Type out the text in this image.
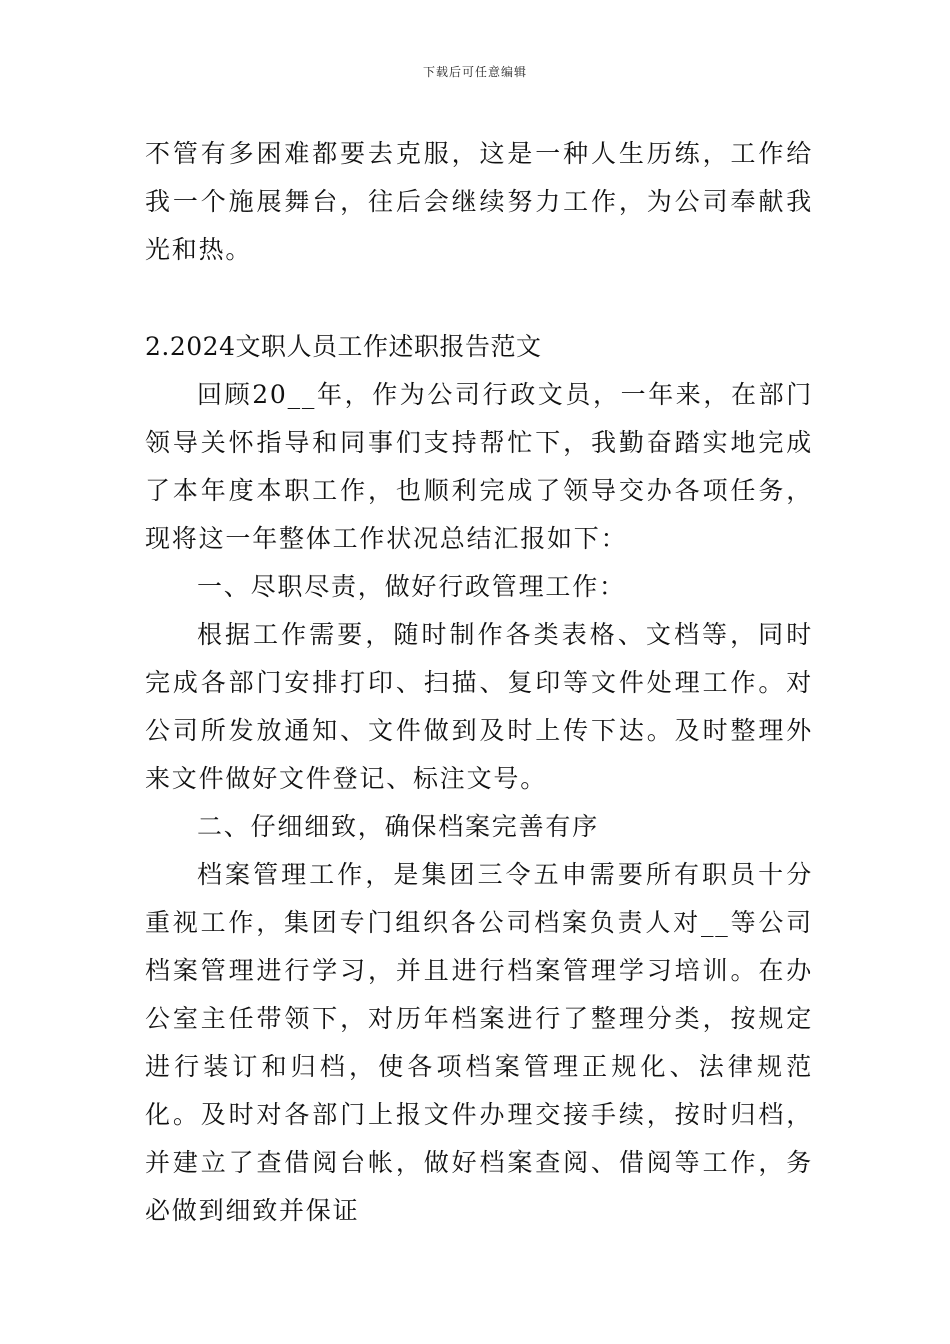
下载后可任意编辑

不管有多困难都要去克服，这是一种人生历练，工作给我一个施展舞台，往后会继续努力工作，为公司奉献我光和热。

2.2024文职人员工作述职报告范文

回顾20__年，作为公司行政文员，一年来，在部门领导关怀指导和同事们支持帮忙下，我勤奋踏实地完成了本年度本职工作，也顺利完成了领导交办各项任务，现将这一年整体工作状况总结汇报如下：

一、尽职尽责，做好行政管理工作：

根据工作需要，随时制作各类表格、文档等，同时完成各部门安排打印、扫描、复印等文件处理工作。对公司所发放通知、文件做到及时上传下达。及时整理外来文件做好文件登记、标注文号。

二、仔细细致，确保档案完善有序

档案管理工作，是集团三令五申需要所有职员十分重视工作，集团专门组织各公司档案负责人对__等公司档案管理进行学习，并且进行档案管理学习培训。在办公室主任带领下，对历年档案进行了整理分类，按规定进行装订和归档，使各项档案管理正规化、法律规范化。及时对各部门上报文件办理交接手续，按时归档，并建立了查借阅台帐，做好档案查阅、借阅等工作，务必做到细致并保证
